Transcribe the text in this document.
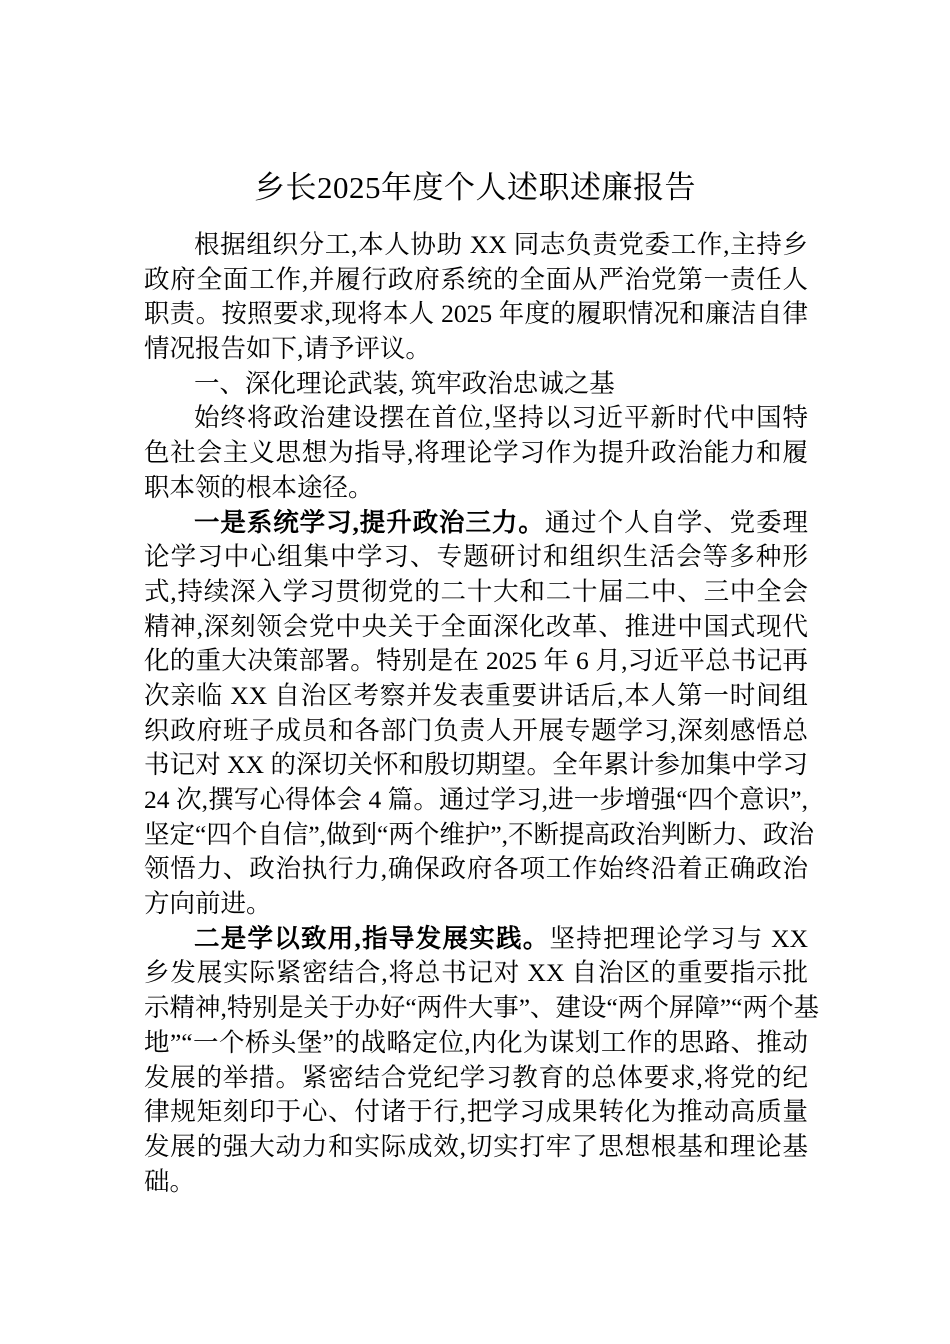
乡长2025年度个人述职述廉报告
根据组织分工,本人协助 XX 同志负责党委工作,主持乡
政府全面工作,并履行政府系统的全面从严治党第一责任人
职责。按照要求,现将本人 2025 年度的履职情况和廉洁自律
情况报告如下,请予评议。
一、深化理论武装, 筑牢政治忠诚之基
始终将政治建设摆在首位,坚持以习近平新时代中国特
色社会主义思想为指导,将理论学习作为提升政治能力和履
职本领的根本途径。
一是系统学习,提升政治三力。通过个人自学、党委理
论学习中心组集中学习、专题研讨和组织生活会等多种形
式,持续深入学习贯彻党的二十大和二十届二中、三中全会
精神,深刻领会党中央关于全面深化改革、推进中国式现代
化的重大决策部署。特别是在 2025 年 6 月,习近平总书记再
次亲临 XX 自治区考察并发表重要讲话后,本人第一时间组
织政府班子成员和各部门负责人开展专题学习,深刻感悟总
书记对 XX 的深切关怀和殷切期望。全年累计参加集中学习
24 次,撰写心得体会 4 篇。通过学习,进一步增强“四个意识”,
坚定“四个自信”,做到“两个维护”,不断提高政治判断力、政治
领悟力、政治执行力,确保政府各项工作始终沿着正确政治
方向前进。
二是学以致用,指导发展实践。坚持把理论学习与 XX
乡发展实际紧密结合,将总书记对 XX 自治区的重要指示批
示精神,特别是关于办好“两件大事”、建设“两个屏障”“两个基
地”“一个桥头堡”的战略定位,内化为谋划工作的思路、推动
发展的举措。紧密结合党纪学习教育的总体要求,将党的纪
律规矩刻印于心、付诸于行,把学习成果转化为推动高质量
发展的强大动力和实际成效,切实打牢了思想根基和理论基
础。
